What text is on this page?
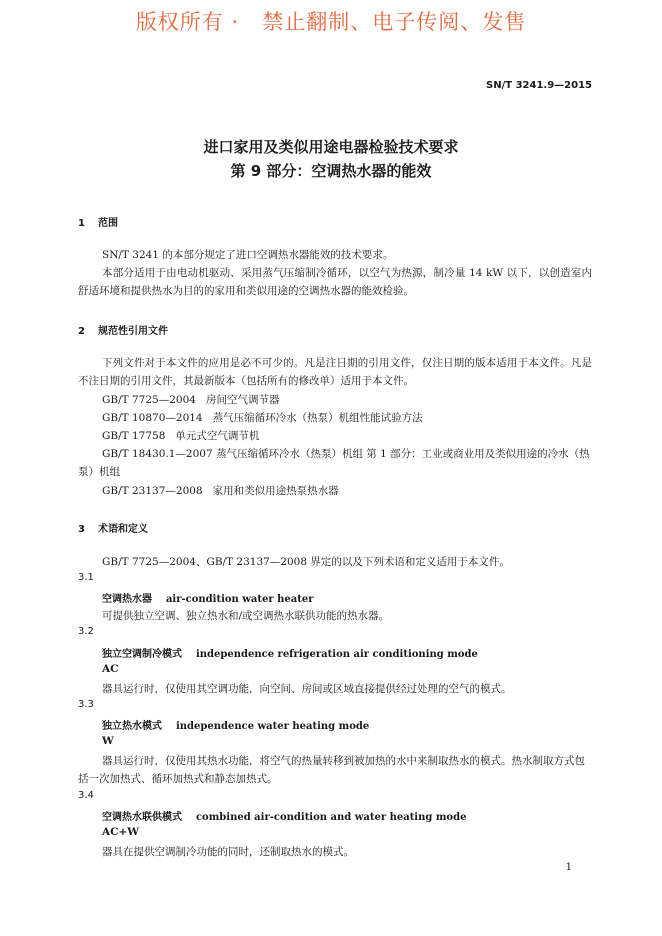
版权所有 ·   禁止翻制、电子传阅、发售
SN/T 3241.9—2015
进口家用及类似用途电器检验技术要求
第 9 部分：空调热水器的能效
1 范围

SN/T 3241 的本部分规定了进口空调热水器能效的技术要求。

本部分适用于由电动机驱动、采用蒸气压缩制冷循环，以空气为热源，制冷量 14 kW 以下，以创造室内舒适环境和提供热水为目的的家用和类似用途的空调热水器的能效检验。

2 规范性引用文件

下列文件对于本文件的应用是必不可少的。凡是注日期的引用文件，仅注日期的版本适用于本文件。凡是不注日期的引用文件，其最新版本（包括所有的修改单）适用于本文件。

GB/T 7725—2004   房间空气调节器
GB/T 10870—2014   蒸气压缩循环冷水（热泵）机组性能试验方法
GB/T 17758   单元式空气调节机

GB/T 18430.1—2007 蒸气压缩循环冷水（热泵）机组 第 1 部分：工业或商业用及类似用途的冷水（热泵）机组

GB/T 23137—2008   家用和类似用途热泵热水器
3 术语和定义
GB/T 7725—2004、GB/T 23137—2008 界定的以及下列术语和定义适用于本文件。
3.1
空调热水器 air-condition water heater
可提供独立空调、独立热水和/或空调热水联供功能的热水器。
3.2
独立空调制冷模式 independence refrigeration air conditioning mode
AC
器具运行时，仅使用其空调功能，向空间、房间或区域直接提供经过处理的空气的模式。
3.3
独立热水模式 independence water heating mode
W

器具运行时，仅使用其热水功能，将空气的热量转移到被加热的水中来制取热水的模式。热水制取方式包括一次加热式、循环加热式和静态加热式。

3.4
空调热水联供模式 combined air-condition and water heating mode
AC+W
器具在提供空调制冷功能的同时，还制取热水的模式。
1
